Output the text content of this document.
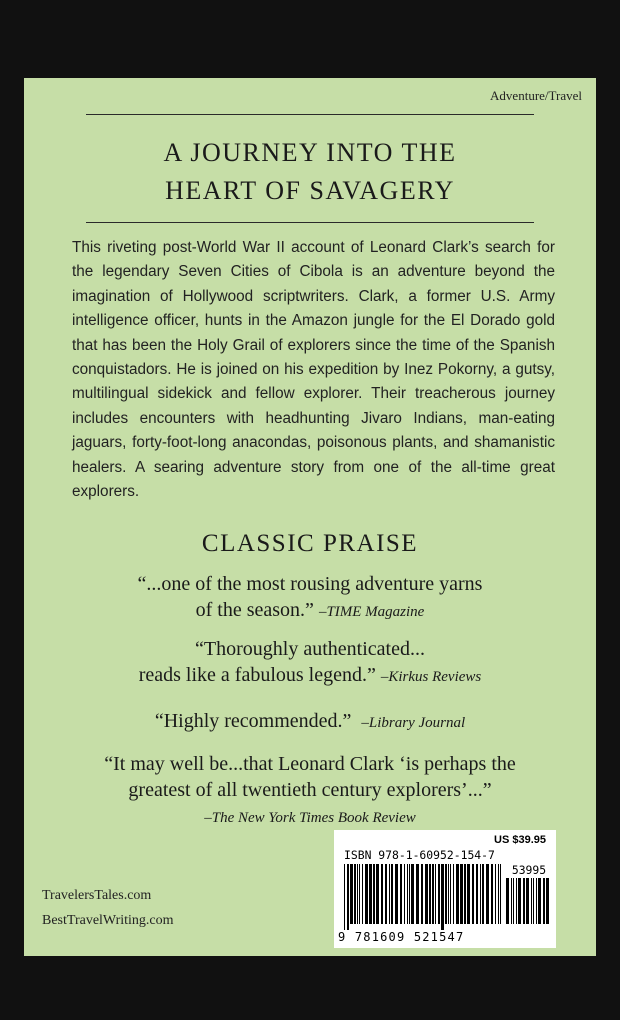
Adventure/Travel
A JOURNEY INTO THE
HEART OF SAVAGERY

This riveting post-World War II account of Leonard Clark’s search for the legendary Seven Cities of Cibola is an adventure beyond the imagination of Hollywood scriptwriters. Clark, a former U.S. Army intelligence officer, hunts in the Amazon jungle for the El Dorado gold that has been the Holy Grail of explorers since the time of the Spanish conquistadors. He is joined on his expedition by Inez Pokorny, a gutsy, multilingual sidekick and fellow explorer. Their treacherous journey includes encounters with headhunting Jivaro Indians, man-eating jaguars, forty-foot-long anacondas, poisonous plants, and shamanistic healers. A searing adventure story from one of the all-time great explorers.

CLASSIC PRAISE
“...one of the most rousing adventure yarns
of the season.” –TIME Magazine
“Thoroughly authenticated...
reads like a fabulous legend.” –Kirkus Reviews
“Highly recommended.” –Library Journal
“It may well be...that Leonard Clark ‘is perhaps the
greatest of all twentieth century explorers’...”
–The New York Times Book Review
TravelersTales.com
BestTravelWriting.com
US $39.95
ISBN 978-1-60952-154-7
53995
9 781609 521547
